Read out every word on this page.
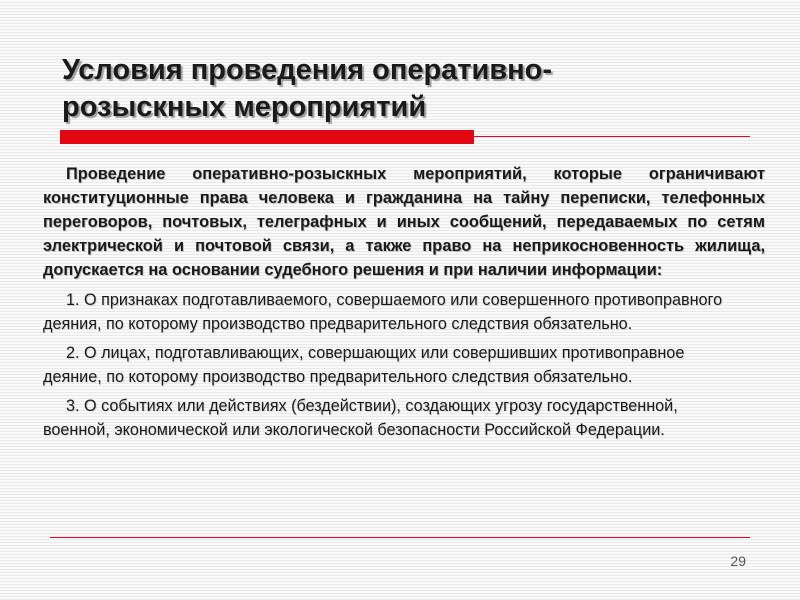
Условия проведения оперативно-
розыскных мероприятий

Проведение оперативно-розыскных мероприятий, которые ограничивают конституционные права человека и гражданина на тайну переписки, телефонных переговоров, почтовых, телеграфных и иных сообщений, передаваемых по сетям электрической и почтовой связи, а также право на неприкосновенность жилища, допускается на основании судебного решения и при наличии информации:

1. О признаках подготавливаемого, совершаемого или совершенного противоправного деяния, по которому производство предварительного следствия обязательно.
2. О лицах, подготавливающих, совершающих или совершивших противоправное деяние, по которому производство предварительного следствия обязательно.
3. О событиях или действиях (бездействии), создающих угрозу государственной, военной, экономической или экологической безопасности Российской Федерации.
29
